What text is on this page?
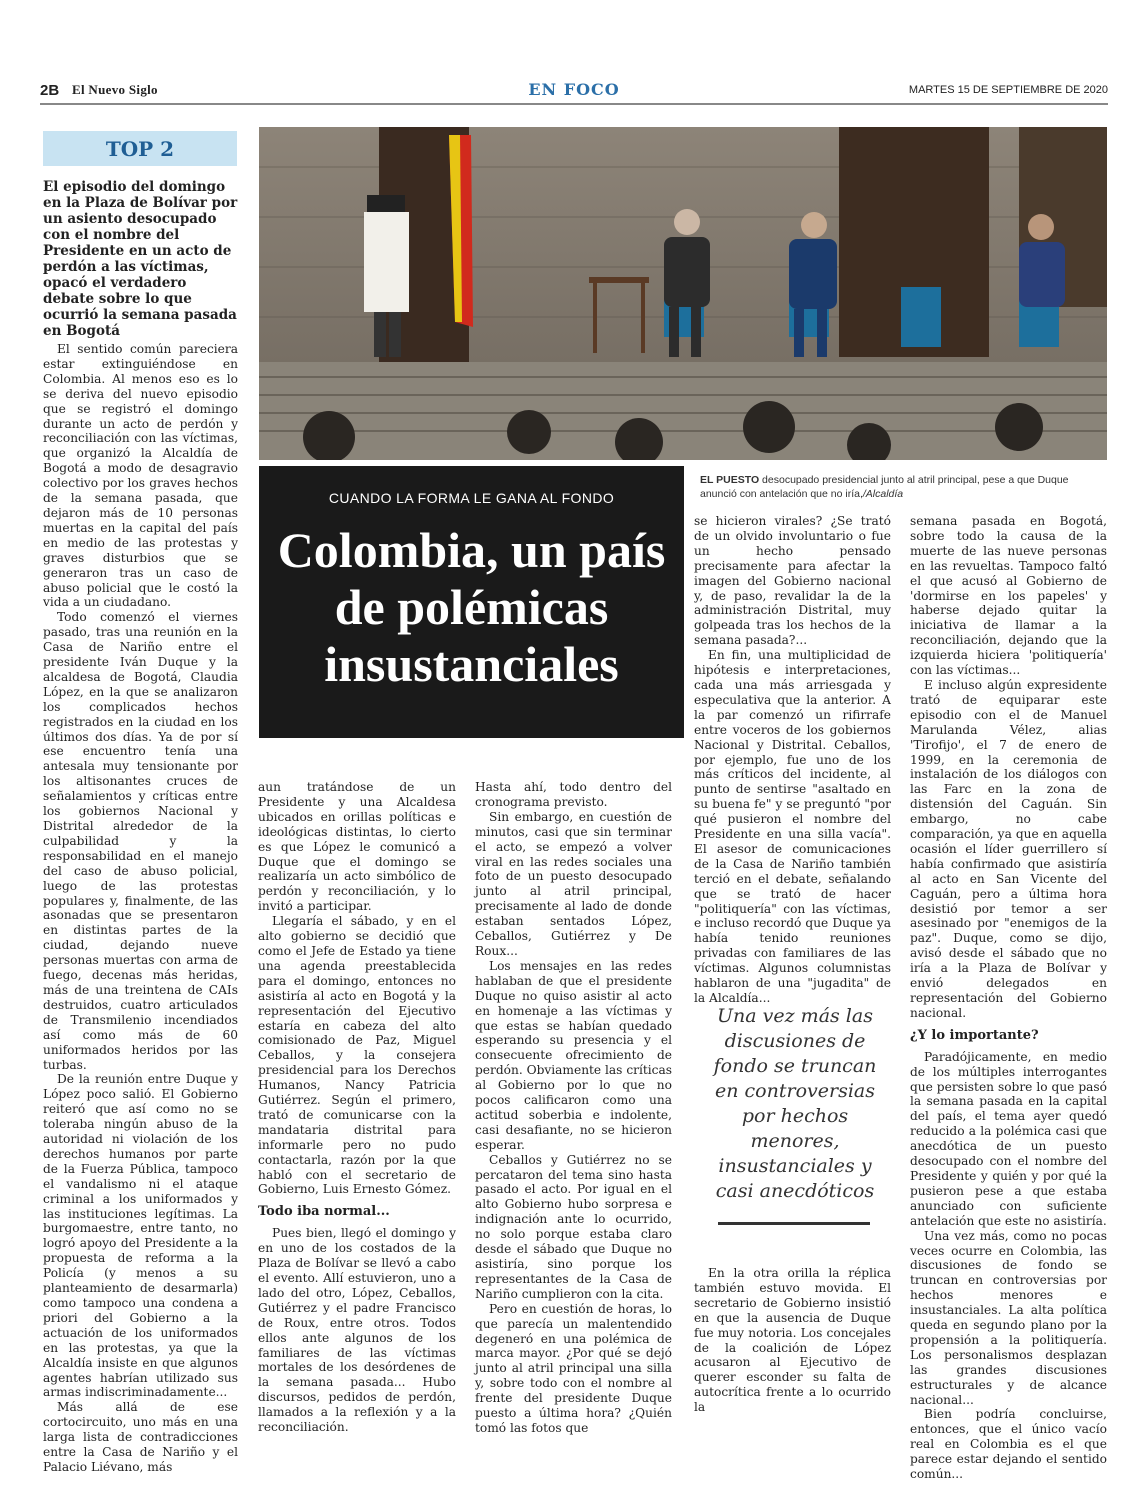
2B El Nuevo Siglo	EN FOCO	MARTES 15 DE SEPTIEMBRE DE 2020
TOP 2
El episodio del domingo en la Plaza de Bolívar por un asiento desocupado con el nombre del Presidente en un acto de perdón a las víctimas, opacó el verdadero debate sobre lo que ocurrió la semana pasada en Bogotá
EL PUESTO desocupado presidencial junto al atril principal, pese a que Duque anunció con antelación que no iría,/Alcaldía
CUANDO LA FORMA LE GANA AL FONDO
Colombia, un país de polémicas insustanciales

El sentido común pareciera estar extinguiéndose en Colombia. Al menos eso es lo se deriva del nuevo episodio que se registró el domingo durante un acto de perdón y reconciliación con las víctimas, que organizó la Alcaldía de Bogotá a modo de desagravio colectivo por los graves hechos de la semana pasada, que dejaron más de 10 personas muertas en la capital del país en medio de las protestas y graves disturbios que se generaron tras un caso de abuso policial que le costó la vida a un ciudadano.

Todo comenzó el viernes pasado, tras una reunión en la Casa de Nariño entre el presidente Iván Duque y la alcaldesa de Bogotá, Claudia López, en la que se analizaron los complicados hechos registrados en la ciudad en los últimos dos días. Ya de por sí ese encuentro tenía una antesala muy tensionante por los altisonantes cruces de señalamientos y críticas entre los gobiernos Nacional y Distrital alrededor de la culpabilidad y la responsabilidad en el manejo del caso de abuso policial, luego de las protestas populares y, finalmente, de las asonadas que se presentaron en distintas partes de la ciudad, dejando nueve personas muertas con arma de fuego, decenas más heridas, más de una treintena de CAIs destruidos, cuatro articulados de Transmilenio incendiados así como más de 60 uniformados heridos por las turbas.

De la reunión entre Duque y López poco salió. El Gobierno reiteró que así como no se toleraba ningún abuso de la autoridad ni violación de los derechos humanos por parte de la Fuerza Pública, tampoco el vandalismo ni el ataque criminal a los uniformados y las instituciones legítimas. La burgomaestre, entre tanto, no logró apoyo del Presidente a la propuesta de reforma a la Policía (y menos a su planteamiento de desarmarla) como tampoco una condena a priori del Gobierno a la actuación de los uniformados en las protestas, ya que la Alcaldía insiste en que algunos agentes habrían utilizado sus armas indiscriminadamente...

Más allá de ese cortocircuito, uno más en una larga lista de contradicciones entre la Casa de Nariño y el Palacio Liévano, más

aun tratándose de un Presidente y una Alcaldesa ubicados en orillas políticas e ideológicas distintas, lo cierto es que López le comunicó a Duque que el domingo se realizaría un acto simbólico de perdón y reconciliación, y lo invitó a participar.

Llegaría el sábado, y en el alto gobierno se decidió que como el Jefe de Estado ya tiene una agenda preestablecida para el domingo, entonces no asistiría al acto en Bogotá y la representación del Ejecutivo estaría en cabeza del alto comisionado de Paz, Miguel Ceballos, y la consejera presidencial para los Derechos Humanos, Nancy Patricia Gutiérrez. Según el primero, trató de comunicarse con la mandataria distrital para informarle pero no pudo contactarla, razón por la que habló con el secretario de Gobierno, Luis Ernesto Gómez.

Todo iba normal...

Pues bien, llegó el domingo y en uno de los costados de la Plaza de Bolívar se llevó a cabo el evento. Allí estuvieron, uno a lado del otro, López, Ceballos, Gutiérrez y el padre Francisco de Roux, entre otros. Todos ellos ante algunos de los familiares de las víctimas mortales de los desórdenes de la semana pasada... Hubo discursos, pedidos de perdón, llamados a la reflexión y a la reconciliación.

Hasta ahí, todo dentro del cronograma previsto.

Sin embargo, en cuestión de minutos, casi que sin terminar el acto, se empezó a volver viral en las redes sociales una foto de un puesto desocupado junto al atril principal, precisamente al lado de donde estaban sentados López, Ceballos, Gutiérrez y De Roux...

Los mensajes en las redes hablaban de que el presidente Duque no quiso asistir al acto en homenaje a las víctimas y que estas se habían quedado esperando su presencia y el consecuente ofrecimiento de perdón. Obviamente las críticas al Gobierno por lo que no pocos calificaron como una actitud soberbia e indolente, casi desafiante, no se hicieron esperar.

Ceballos y Gutiérrez no se percataron del tema sino hasta pasado el acto. Por igual en el alto Gobierno hubo sorpresa e indignación ante lo ocurrido, no solo porque estaba claro desde el sábado que Duque no asistiría, sino porque los representantes de la Casa de Nariño cumplieron con la cita.

Pero en cuestión de horas, lo que parecía un malentendido degeneró en una polémica de marca mayor. ¿Por qué se dejó junto al atril principal una silla y, sobre todo con el nombre al frente del presidente Duque puesto a última hora? ¿Quién tomó las fotos que

se hicieron virales? ¿Se trató de un olvido involuntario o fue un hecho pensado precisamente para afectar la imagen del Gobierno nacional y, de paso, revalidar la de la administración Distrital, muy golpeada tras los hechos de la semana pasada?...

En fin, una multiplicidad de hipótesis e interpretaciones, cada una más arriesgada y especulativa que la anterior. A la par comenzó un rifirrafe entre voceros de los gobiernos Nacional y Distrital. Ceballos, por ejemplo, fue uno de los más críticos del incidente, al punto de sentirse "asaltado en su buena fe" y se preguntó "por qué pusieron el nombre del Presidente en una silla vacía". El asesor de comunicaciones de la Casa de Nariño también terció en el debate, señalando que se trató de hacer "politiquería" con las víctimas, e incluso recordó que Duque ya había tenido reuniones privadas con familiares de las víctimas. Algunos columnistas hablaron de una "jugadita" de la Alcaldía...

Una vez más las discusiones de fondo se truncan en controversias por hechos menores, insustanciales y casi anecdóticos

En la otra orilla la réplica también estuvo movida. El secretario de Gobierno insistió en que la ausencia de Duque fue muy notoria. Los concejales de la coalición de López acusaron al Ejecutivo de querer esconder su falta de autocrítica frente a lo ocurrido la

semana pasada en Bogotá, sobre todo la causa de la muerte de las nueve personas en las revueltas. Tampoco faltó el que acusó al Gobierno de 'dormirse en los papeles' y haberse dejado quitar la iniciativa de llamar a la reconciliación, dejando que la izquierda hiciera 'politiquería' con las víctimas...

E incluso algún expresidente trató de equiparar este episodio con el de Manuel Marulanda Vélez, alias 'Tirofijo', el 7 de enero de 1999, en la ceremonia de instalación de los diálogos con las Farc en la zona de distensión del Caguán. Sin embargo, no cabe comparación, ya que en aquella ocasión el líder guerrillero sí había confirmado que asistiría al acto en San Vicente del Caguán, pero a última hora desistió por temor a ser asesinado por "enemigos de la paz". Duque, como se dijo, avisó desde el sábado que no iría a la Plaza de Bolívar y envió delegados en representación del Gobierno nacional.

¿Y lo importante?

Paradójicamente, en medio de los múltiples interrogantes que persisten sobre lo que pasó la semana pasada en la capital del país, el tema ayer quedó reducido a la polémica casi que anecdótica de un puesto desocupado con el nombre del Presidente y quién y por qué la pusieron pese a que estaba anunciado con suficiente antelación que este no asistiría.

Una vez más, como no pocas veces ocurre en Colombia, las discusiones de fondo se truncan en controversias por hechos menores e insustanciales. La alta política queda en segundo plano por la propensión a la politiquería. Los personalismos desplazan las grandes discusiones estructurales y de alcance nacional...

Bien podría concluirse, entonces, que el único vacío real en Colombia es el que parece estar dejando el sentido común...
